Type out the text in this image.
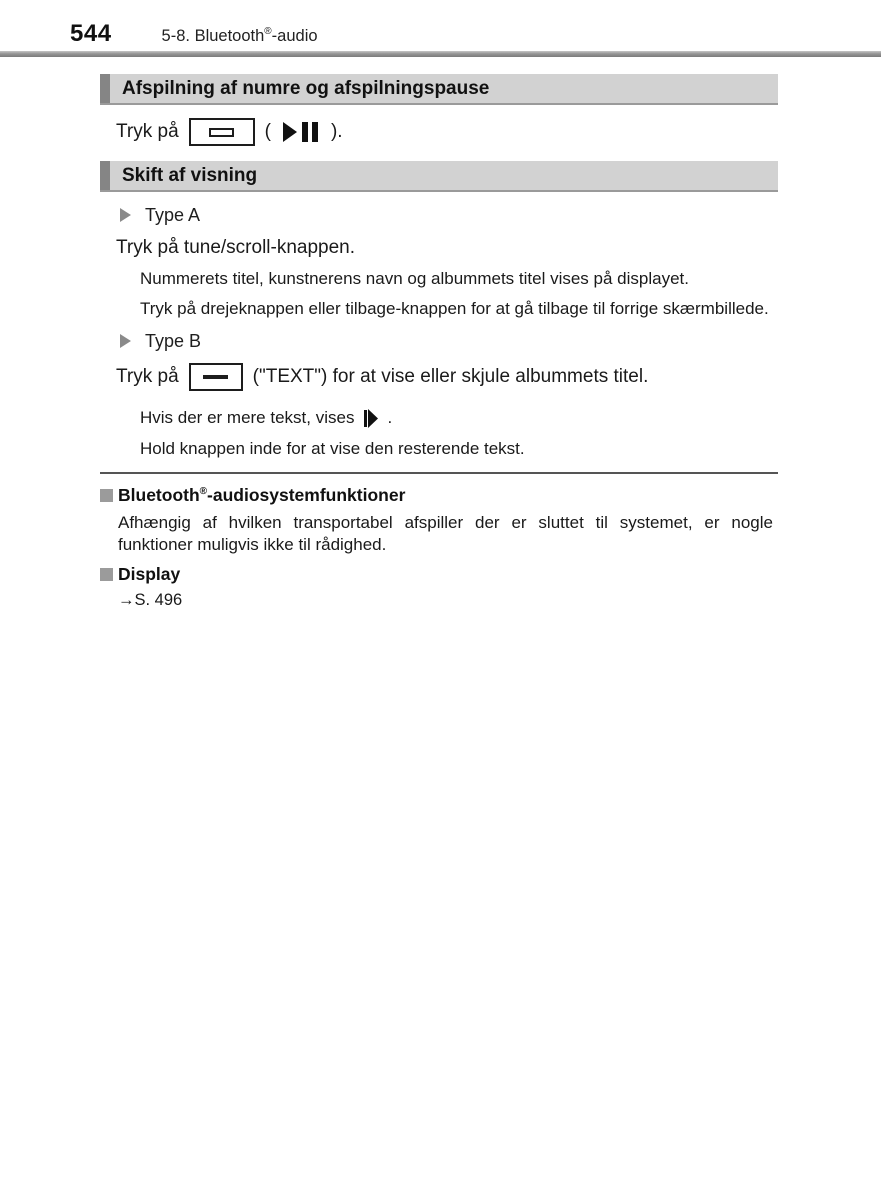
544	5-8. Bluetooth®-audio
Afspilning af numre og afspilningspause
Tryk på	(	).
Skift af visning
Type A
Tryk på tune/scroll-knappen.
Nummerets titel, kunstnerens navn og albummets titel vises på displayet.
Tryk på drejeknappen eller tilbage-knappen for at gå tilbage til forrige skærmbillede.
Type B
Tryk på	("TEXT") for at vise eller skjule albummets titel.
Hvis der er mere tekst, vises .
Hold knappen inde for at vise den resterende tekst.
Bluetooth®-audiosystemfunktioner
Afhængig af hvilken transportabel afspiller der er sluttet til systemet, er nogle funktioner muligvis ikke til rådighed.
Display
→S. 496
